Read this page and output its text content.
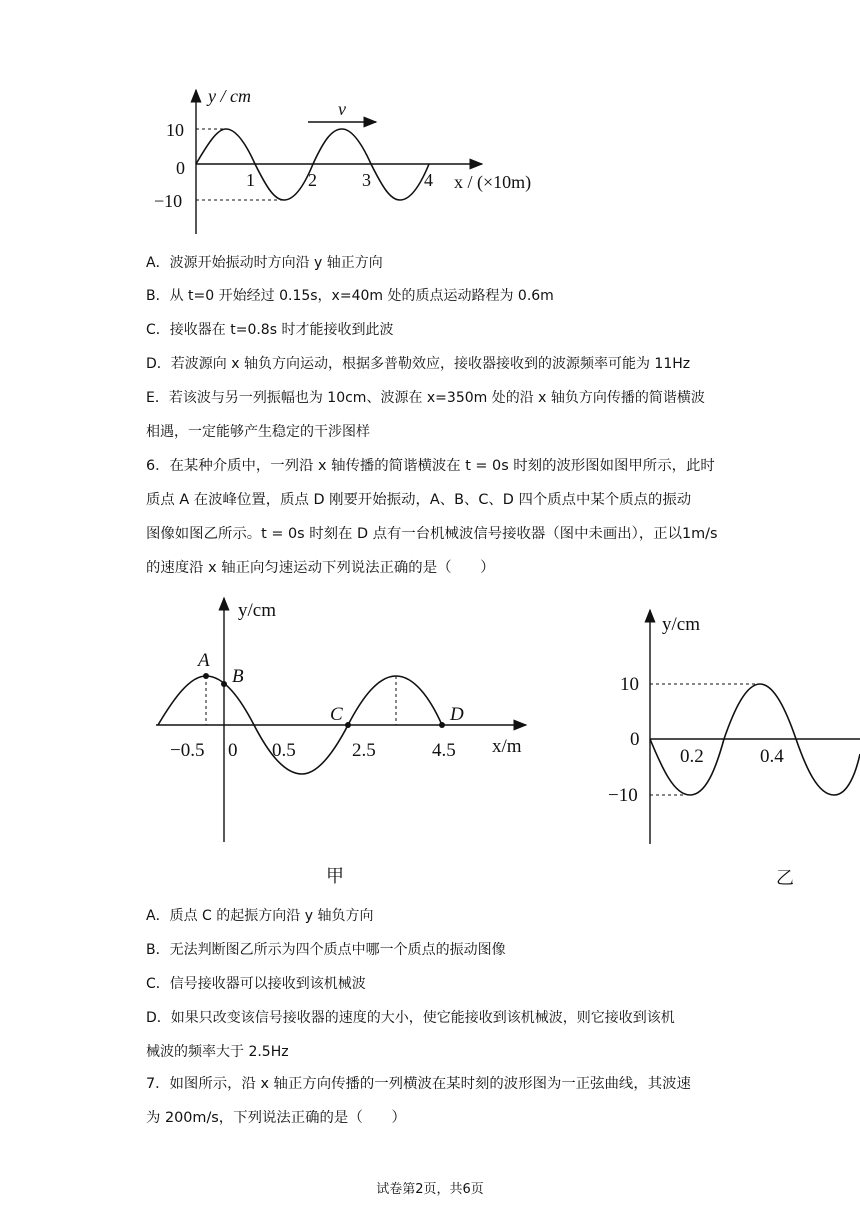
v
y / cm
x / (×10m)
10
0
−10
1	2	3	4
A．波源开始振动时方向沿 y 轴正方向
B．从 t=0 开始经过 0.15s，x=40m 处的质点运动路程为 0.6m
C．接收器在 t=0.8s 时才能接收到此波
D．若波源向 x 轴负方向运动，根据多普勒效应，接收器接收到的波源频率可能为 11Hz
E．若该波与另一列振幅也为 10cm、波源在 x=350m 处的沿 x 轴负方向传播的简谐横波
相遇，一定能够产生稳定的干涉图样
6．在某种介质中，一列沿 x 轴传播的简谐横波在 t = 0s 时刻的波形图如图甲所示，此时
质点 A 在波峰位置，质点 D 刚要开始振动，A、B、C、D 四个质点中某个质点的振动
图像如图乙所示。t = 0s 时刻在 D 点有一台机械波信号接收器（图中未画出），正以1m/s
的速度沿 x 轴正向匀速运动下列说法正确的是（　　）
A
B
C	D
y/cm
x/m
−0.5 0 0.5	2.5	4.5
甲
y/cm
10
0
−10
0.2	0.4
乙
A．质点 C 的起振方向沿 y 轴负方向
B．无法判断图乙所示为四个质点中哪一个质点的振动图像
C．信号接收器可以接收到该机械波
D．如果只改变该信号接收器的速度的大小，使它能接收到该机械波，则它接收到该机
械波的频率大于 2.5Hz
7．如图所示，沿 x 轴正方向传播的一列横波在某时刻的波形图为一正弦曲线，其波速
为 200m/s，下列说法正确的是（　　）
试卷第2页，共6页
